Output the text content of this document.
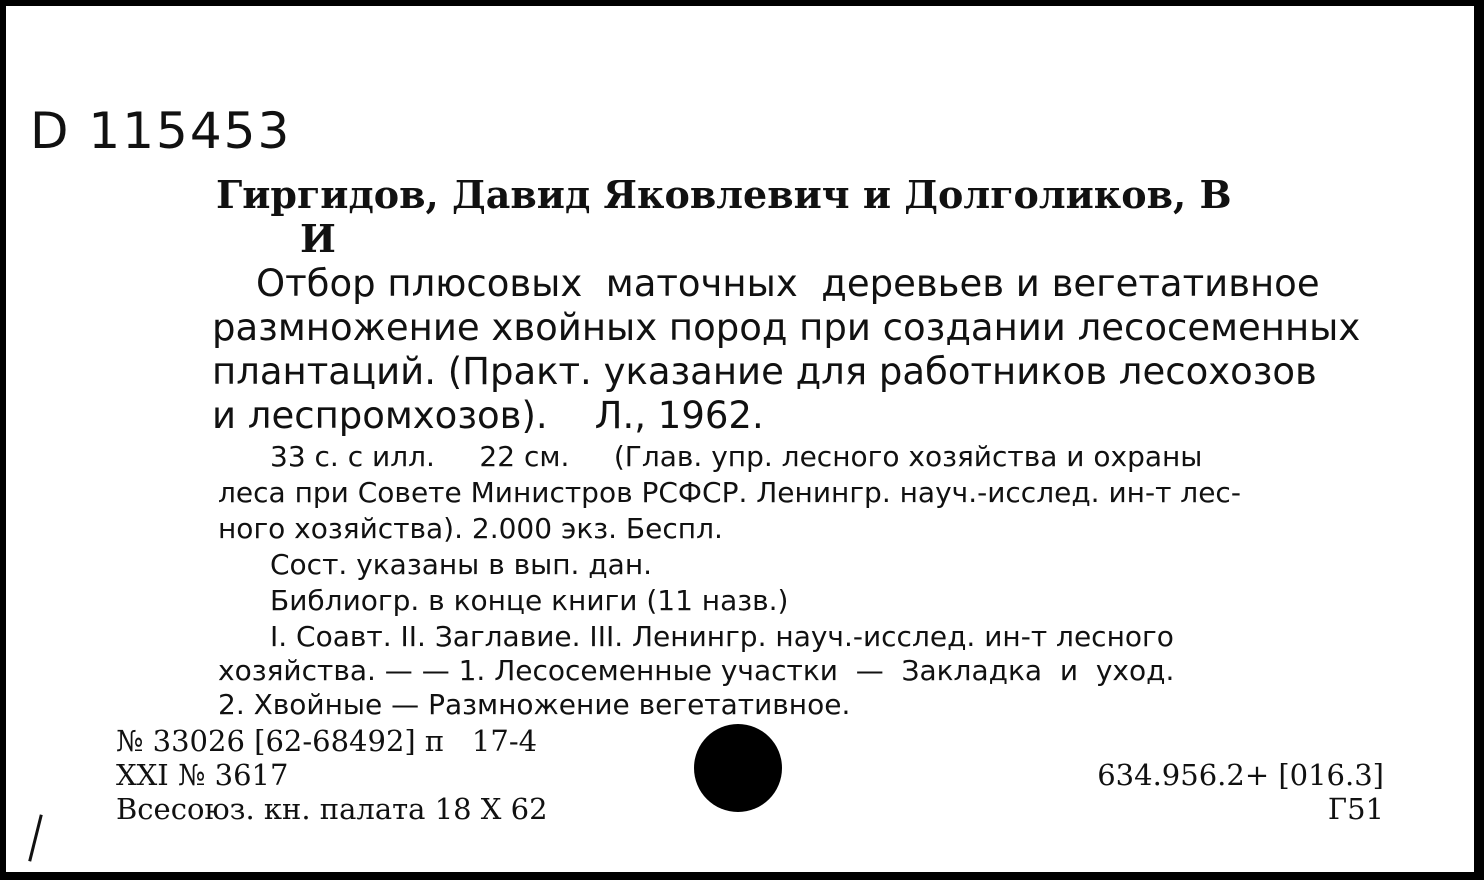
D 115453
Гиргидов, Давид Яковлевич и Долголиков, В
И
Отбор плюсовых  маточных  деревьев и вегетативное
размножение хвойных пород при создании лесосеменных
плантаций. (Практ. указание для работников лесохозов
и леспромхозов).    Л., 1962.
33 с. с илл.     22 см.     (Глав. упр. лесного хозяйства и охраны
леса при Совете Министров РСФСР. Ленингр. науч.-исслед. ин-т лес-
ного хозяйства). 2.000 экз. Беспл.
Сост. указаны в вып. дан.
Библиогр. в конце книги (11 назв.)
I. Соавт. II. Заглавие. III. Ленингр. науч.-исслед. ин-т лесного
хозяйства. — — 1. Лесосеменные участки  —  Закладка  и  уход.
2. Хвойные — Размножение вегетативное.
№ 33026 [62-68492] п   17-4
XXI № 3617
Всесоюз. кн. палата 18 X 62
634.956.2+ [016.3]
Г51
